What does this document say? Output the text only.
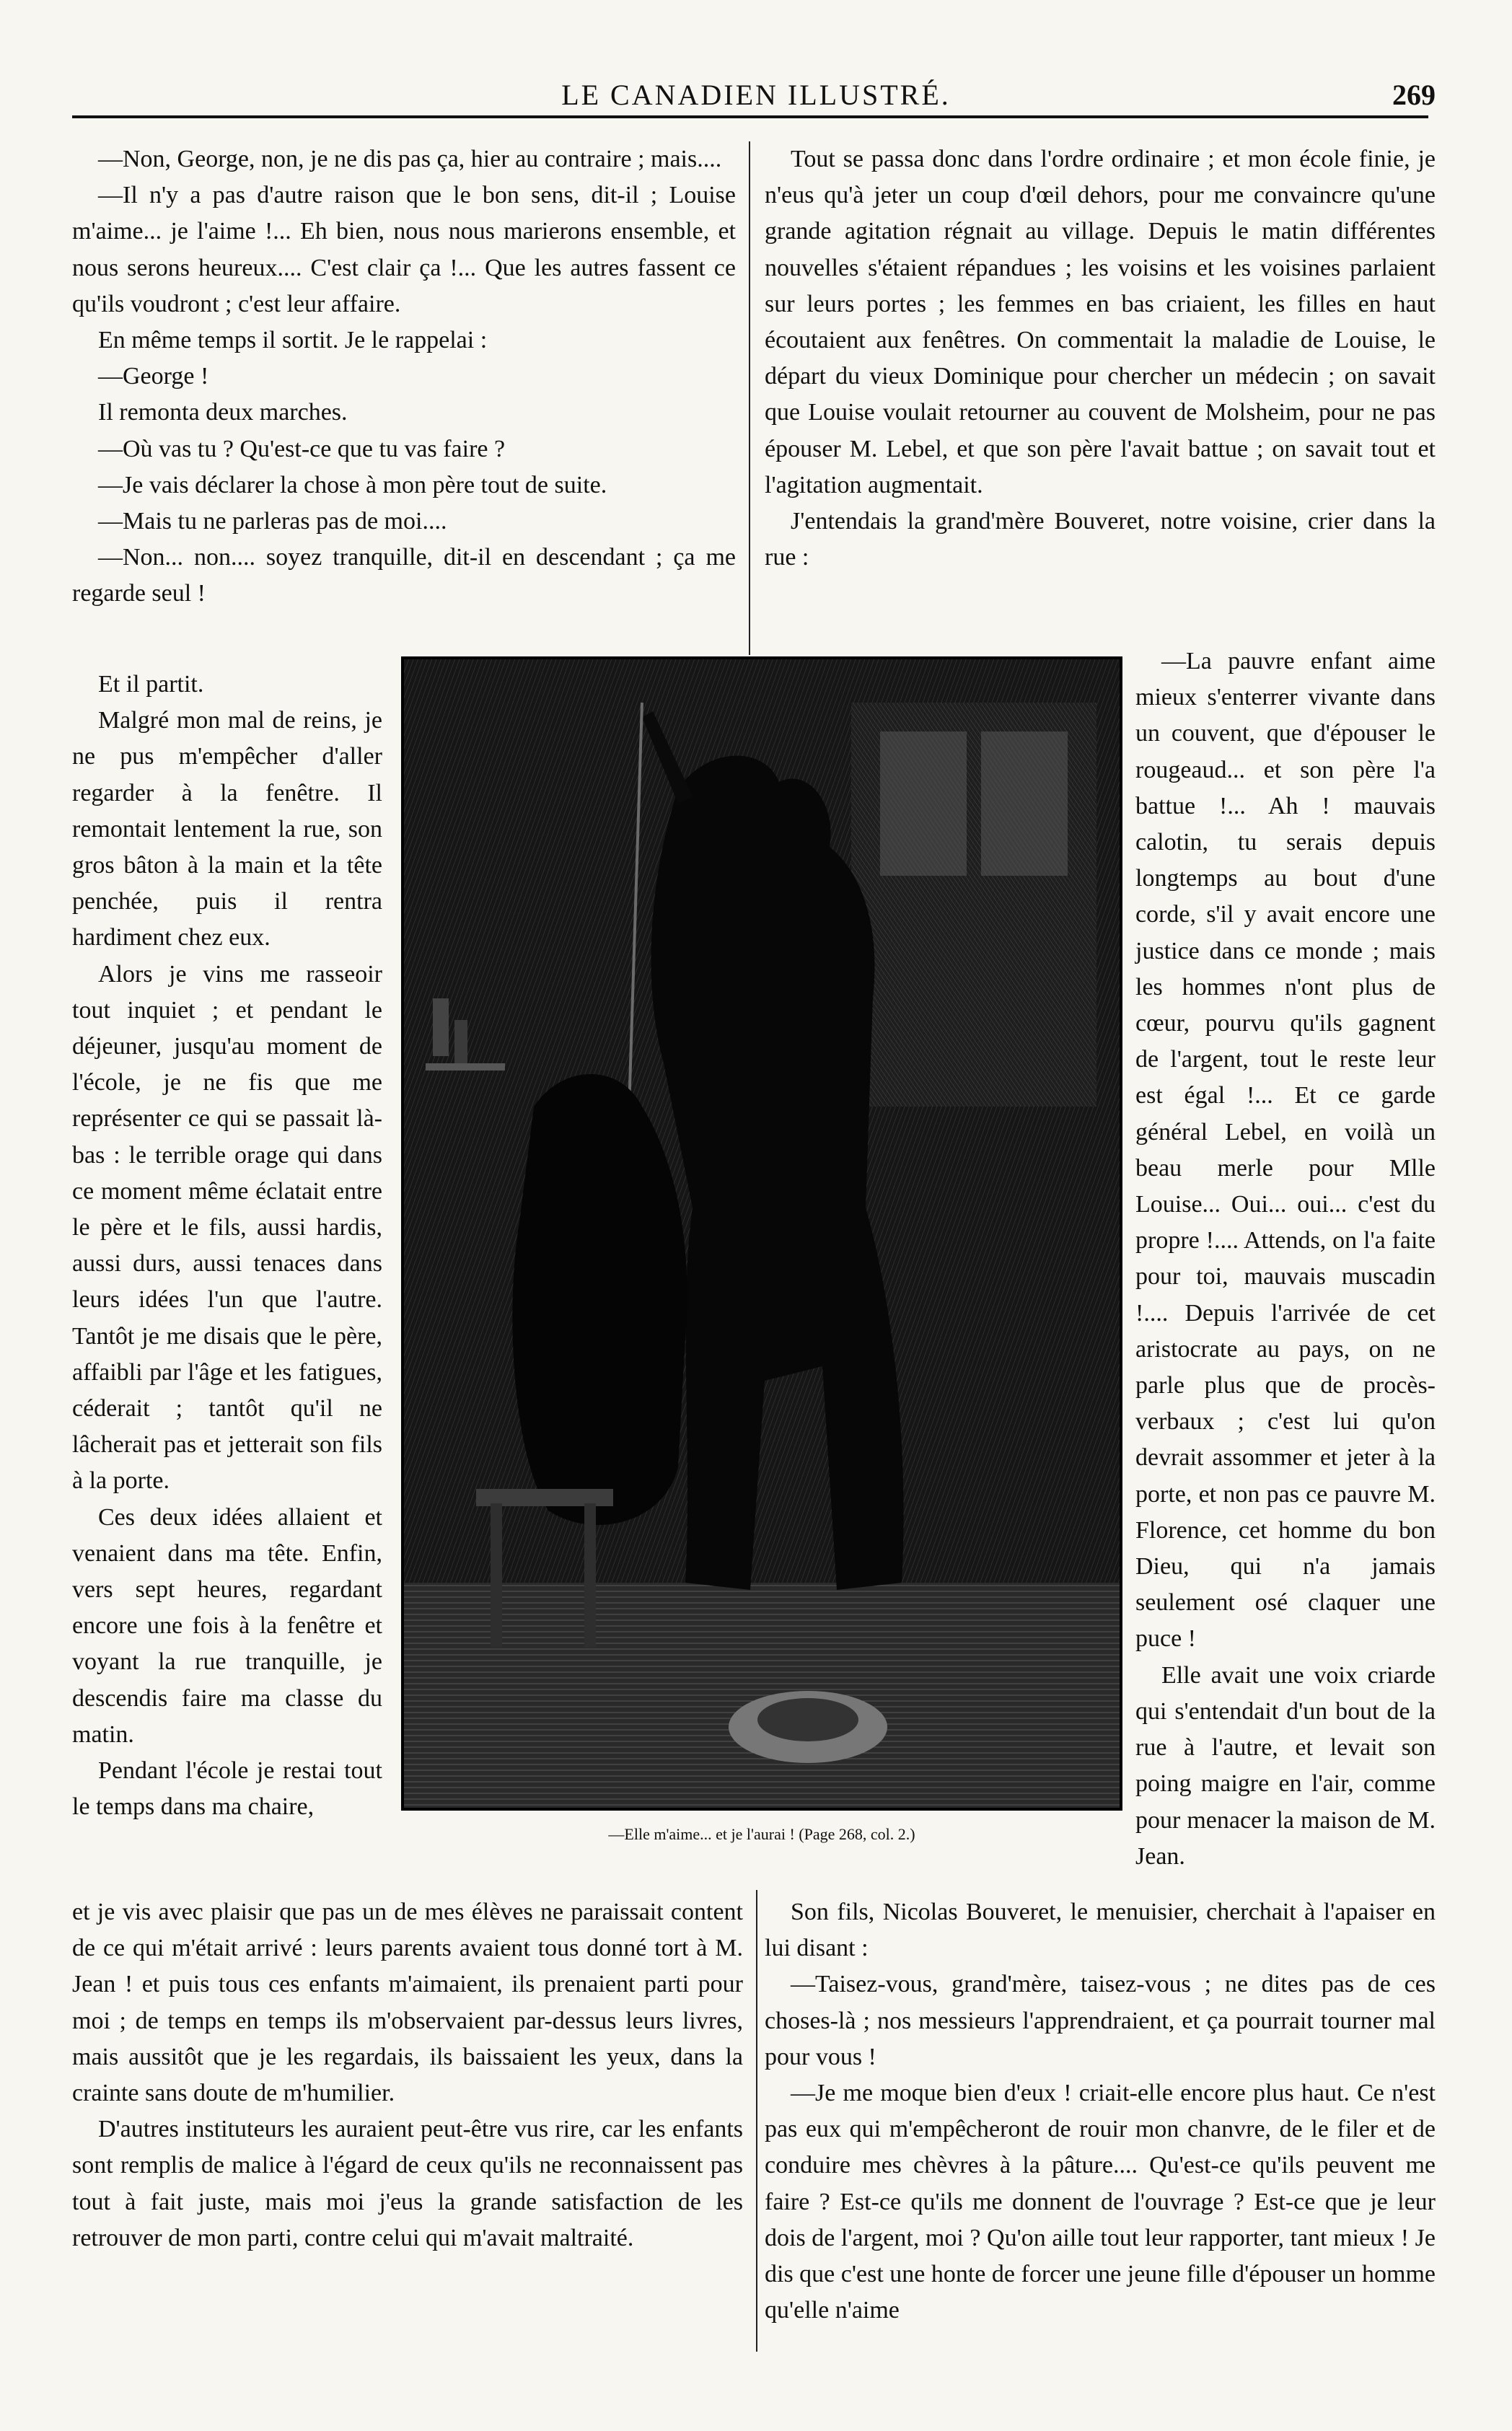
LE CANADIEN ILLUSTRÉ.	269

—Non, George, non, je ne dis pas ça, hier au contraire ; mais....

—Il n'y a pas d'autre raison que le bon sens, dit-il ; Louise m'aime... je l'aime !... Eh bien, nous nous marierons ensemble, et nous serons heureux.... C'est clair ça !... Que les autres fassent ce qu'ils voudront ; c'est leur affaire.

En même temps il sortit. Je le rappelai :

—George !

Il remonta deux marches.

—Où vas tu ? Qu'est-ce que tu vas faire ?

—Je vais déclarer la chose à mon père tout de suite.

—Mais tu ne parleras pas de moi....

—Non... non.... soyez tranquille, dit-il en descendant ; ça me regarde seul !

Et il partit.

Malgré mon mal de reins, je ne pus m'empêcher d'aller regarder à la fenêtre. Il remontait lentement la rue, son gros bâton à la main et la tête penchée, puis il rentra hardiment chez eux.

Alors je vins me rasseoir tout inquiet ; et pendant le déjeuner, jusqu'au moment de l'école, je ne fis que me représenter ce qui se passait là-bas : le terrible orage qui dans ce moment même éclatait entre le père et le fils, aussi hardis, aussi durs, aussi tenaces dans leurs idées l'un que l'autre. Tantôt je me disais que le père, affaibli par l'âge et les fatigues, céderait ; tantôt qu'il ne lâcherait pas et jetterait son fils à la porte.

Ces deux idées allaient et venaient dans ma tête. Enfin, vers sept heures, regardant encore une fois à la fenêtre et voyant la rue tranquille, je descendis faire ma classe du matin.

Pendant l'école je restai tout le temps dans ma chaire,

et je vis avec plaisir que pas un de mes élèves ne paraissait content de ce qui m'était arrivé : leurs parents avaient tous donné tort à M. Jean ! et puis tous ces enfants m'aimaient, ils prenaient parti pour moi ; de temps en temps ils m'observaient par-dessus leurs livres, mais aussitôt que je les regardais, ils baissaient les yeux, dans la crainte sans doute de m'humilier.

D'autres instituteurs les auraient peut-être vus rire, car les enfants sont remplis de malice à l'égard de ceux qu'ils ne reconnaissent pas tout à fait juste, mais moi j'eus la grande satisfaction de les retrouver de mon parti, contre celui qui m'avait maltraité.

Tout se passa donc dans l'ordre ordinaire ; et mon école finie, je n'eus qu'à jeter un coup d'œil dehors, pour me convaincre qu'une grande agitation régnait au village. Depuis le matin différentes nouvelles s'étaient répandues ; les voisins et les voisines parlaient sur leurs portes ; les femmes en bas criaient, les filles en haut écoutaient aux fenêtres. On commentait la maladie de Louise, le départ du vieux Dominique pour chercher un médecin ; on savait que Louise voulait retourner au couvent de Molsheim, pour ne pas épouser M. Lebel, et que son père l'avait battue ; on savait tout et l'agitation augmentait.

J'entendais la grand'mère Bouveret, notre voisine, crier dans la rue :

—La pauvre enfant aime mieux s'enterrer vivante dans un couvent, que d'épouser le rougeaud... et son père l'a battue !... Ah ! mauvais calotin, tu serais depuis longtemps au bout d'une corde, s'il y avait encore une justice dans ce monde ; mais les hommes n'ont plus de cœur, pourvu qu'ils gagnent de l'argent, tout le reste leur est égal !... Et ce garde général Lebel, en voilà un beau merle pour Mlle Louise... Oui... oui... c'est du propre !.... Attends, on l'a faite pour toi, mauvais muscadin !.... Depuis l'arrivée de cet aristocrate au pays, on ne parle plus que de procès-verbaux ; c'est lui qu'on devrait assommer et jeter à la porte, et non pas ce pauvre M. Florence, cet homme du bon Dieu, qui n'a jamais seulement osé claquer une puce !

Elle avait une voix criarde qui s'entendait d'un bout de la rue à l'autre, et levait son poing maigre en l'air, comme pour menacer la maison de M. Jean.

Son fils, Nicolas Bouveret, le menuisier, cherchait à l'apaiser en lui disant :

—Taisez-vous, grand'mère, taisez-vous ; ne dites pas de ces choses-là ; nos messieurs l'apprendraient, et ça pourrait tourner mal pour vous !

—Je me moque bien d'eux ! criait-elle encore plus haut. Ce n'est pas eux qui m'empêcheront de rouir mon chanvre, de le filer et de conduire mes chèvres à la pâture.... Qu'est-ce qu'ils peuvent me faire ? Est-ce qu'ils me donnent de l'ouvrage ? Est-ce que je leur dois de l'argent, moi ? Qu'on aille tout leur rapporter, tant mieux ! Je dis que c'est une honte de forcer une jeune fille d'épouser un homme qu'elle n'aime

—Elle m'aime... et je l'aurai ! (Page 268, col. 2.)
